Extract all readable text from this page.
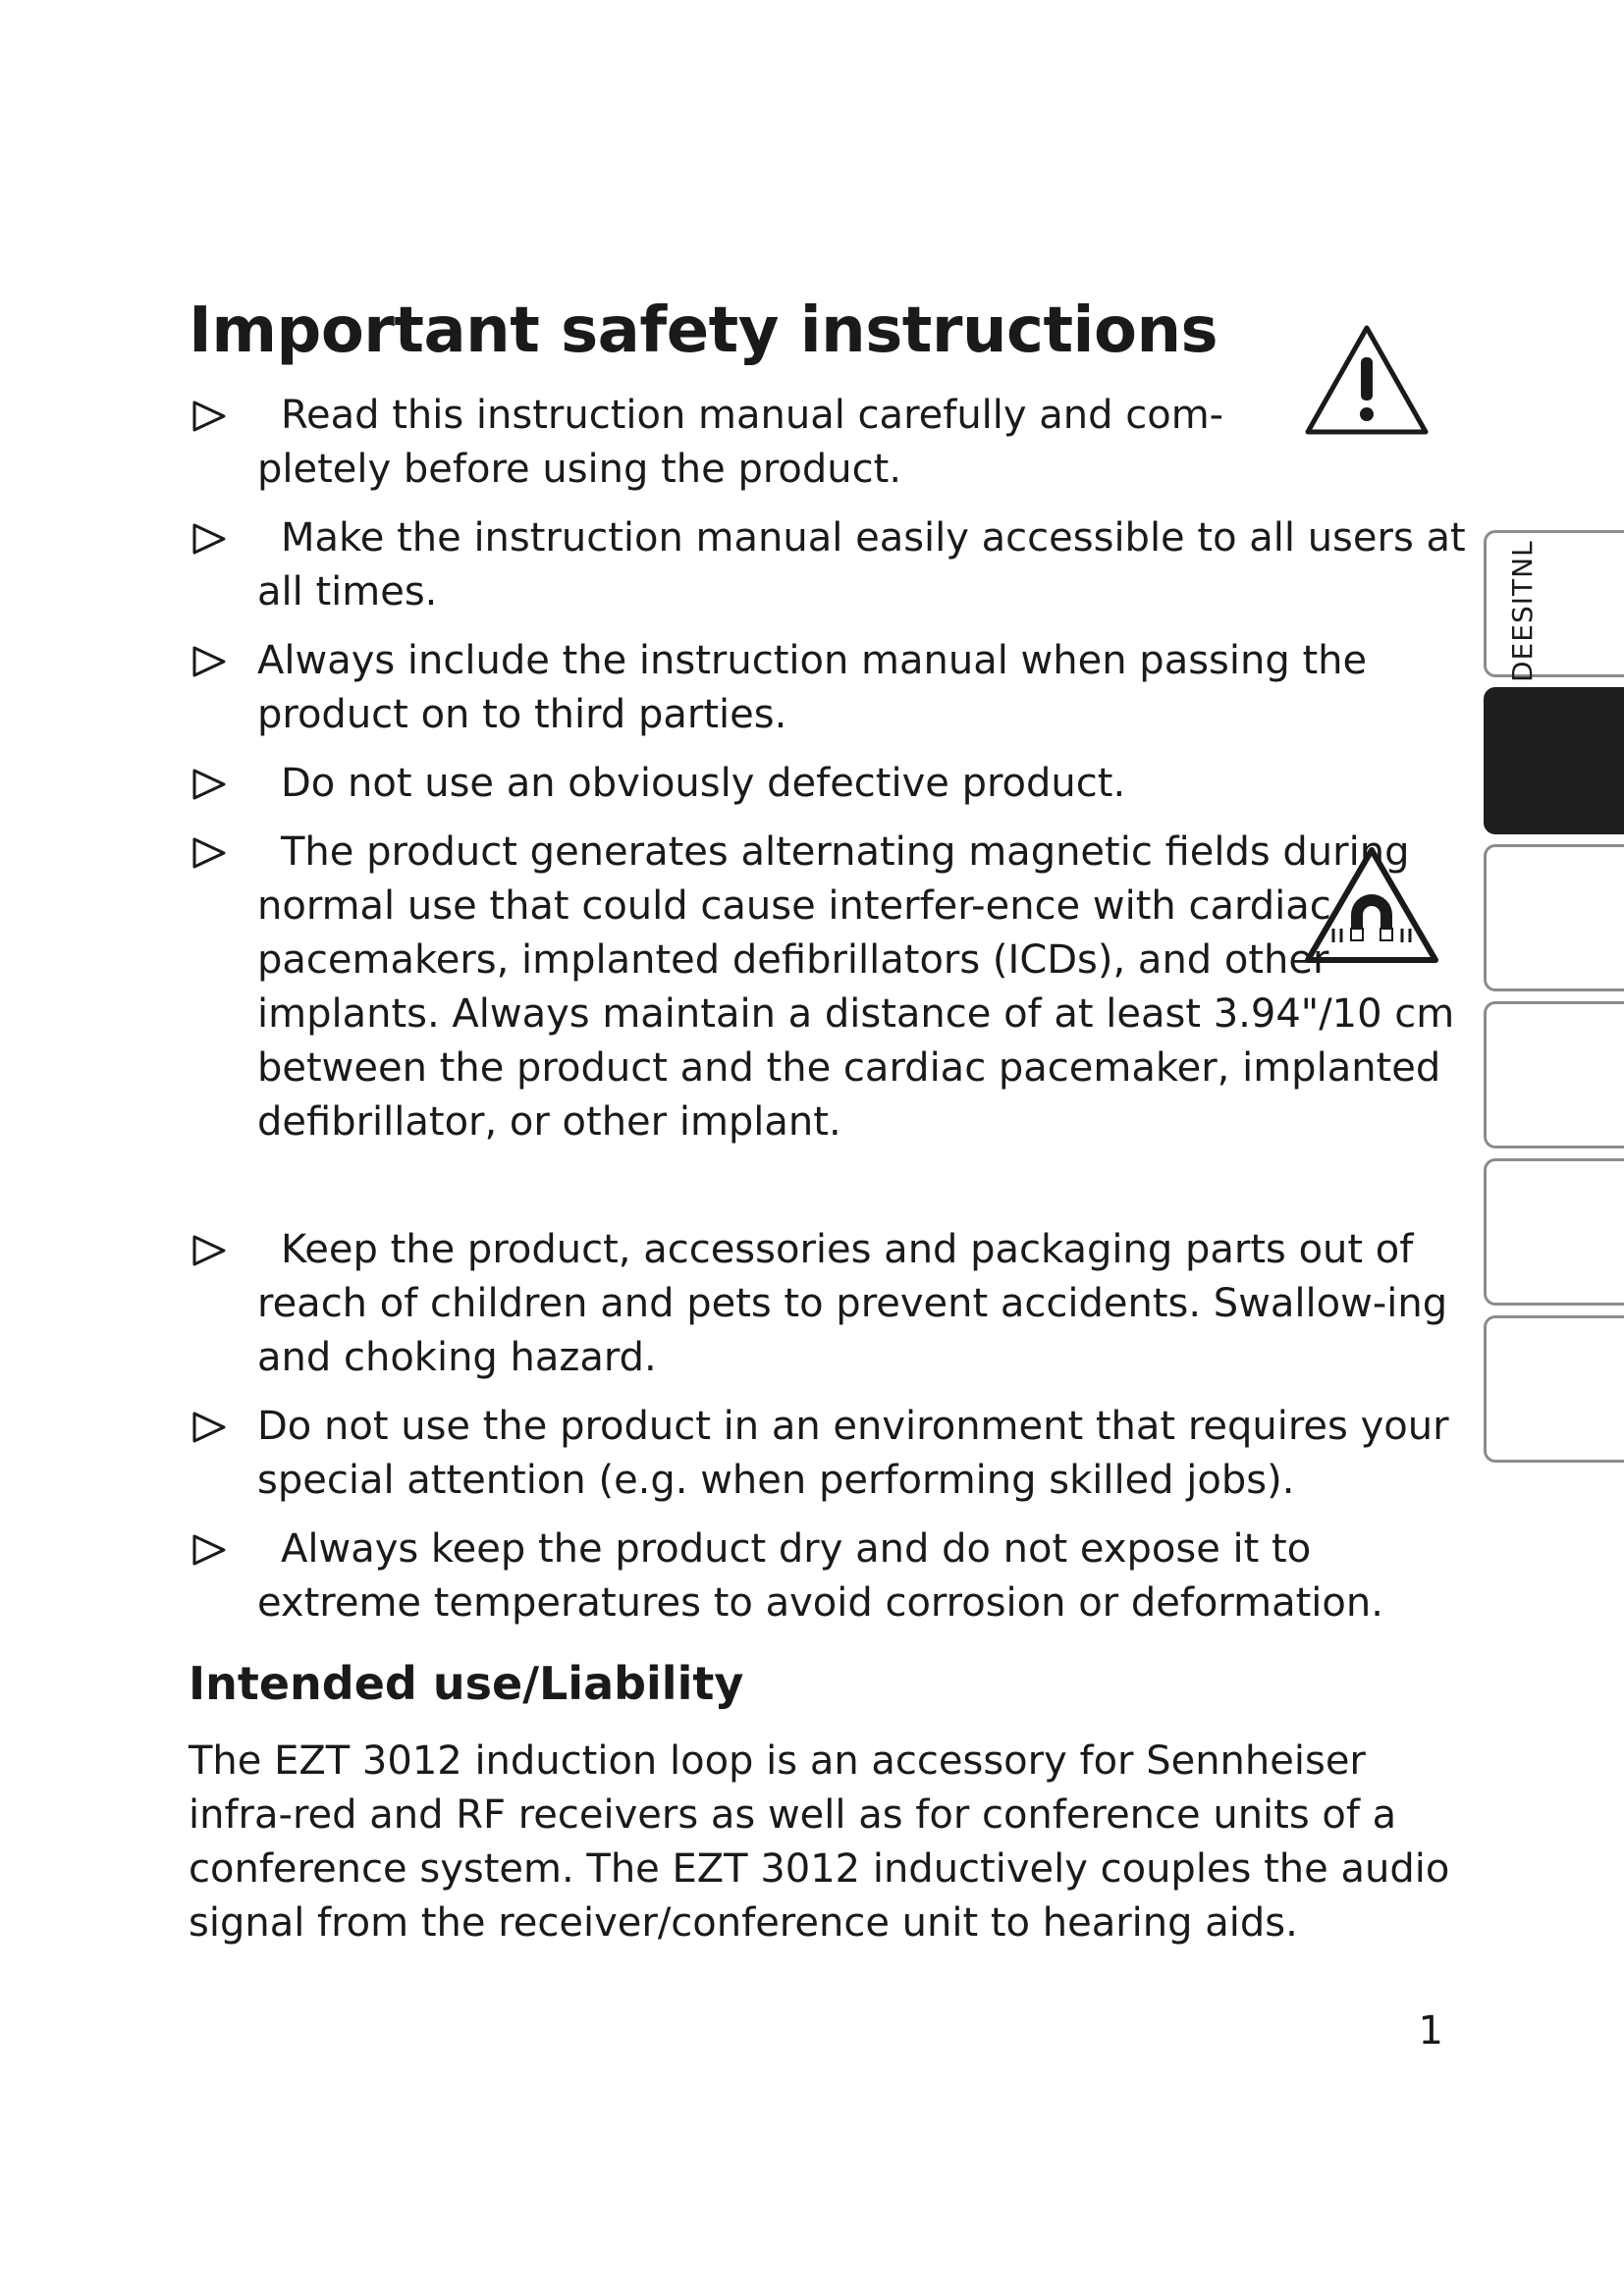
Important safety instructions
Read this instruction manual carefully and com-pletely before using the product.
Make the instruction manual easily accessible to all users at all times.
Always include the instruction manual when passing the product on to third parties.
Do not use an obviously defective product.
The product generates alternating magnetic fields during normal use that could cause interfer-ence with cardiac pacemakers, implanted defibrillators (ICDs), and other implants. Always maintain a distance of at least 3.94"/10 cm between the product and the cardiac pacemaker, implanted defibrillator, or other implant.
Keep the product, accessories and packaging parts out of reach of children and pets to prevent accidents. Swallow-ing and choking hazard.
Do not use the product in an environment that requires your special attention (e.g. when performing skilled jobs).
Always keep the product dry and do not expose it to extreme temperatures to avoid corrosion or deformation.
Intended use/Liability

The EZT 3012 induction loop is an accessory for Sennheiser infra-red and RF receivers as well as for conference units of a conference system. The EZT 3012 inductively couples the audio signal from the receiver/conference unit to hearing aids.

1
DEESITNL
